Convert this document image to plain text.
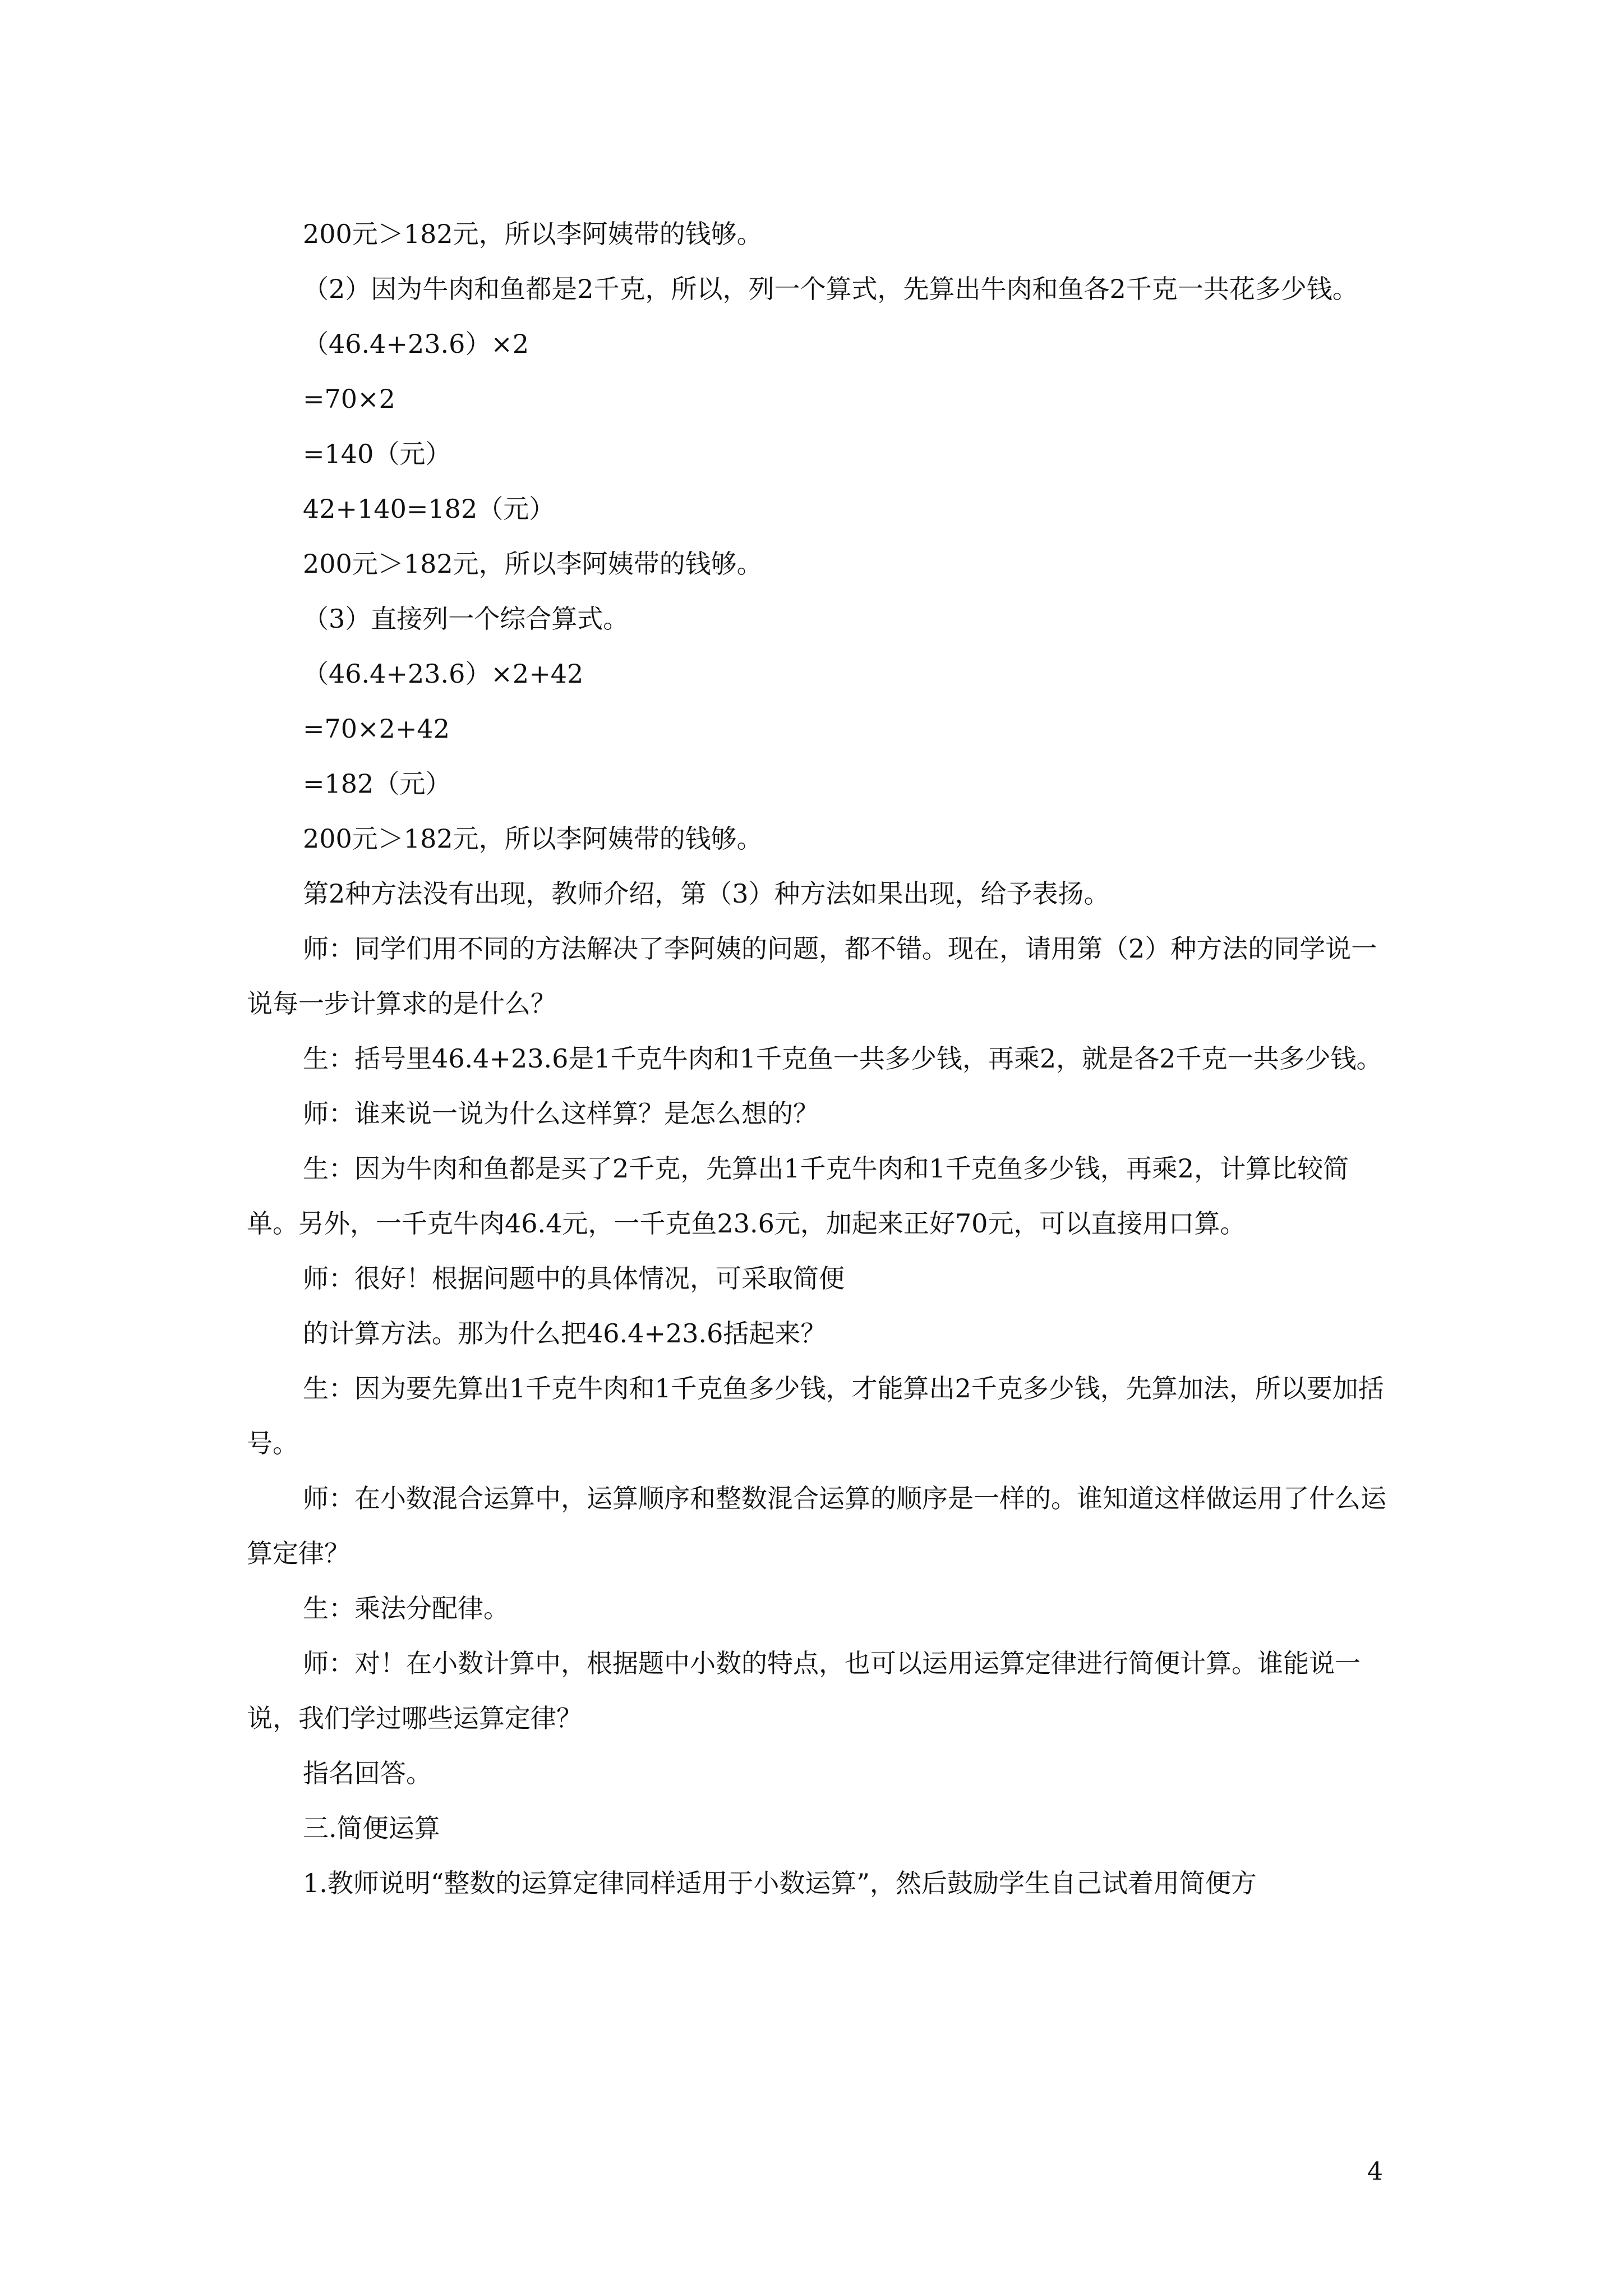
200元＞182元，所以李阿姨带的钱够。

（2）因为牛肉和鱼都是2千克，所以，列一个算式，先算出牛肉和鱼各2千克一共花多少钱。

（46.4+23.6）×2

=70×2

=140（元）

42+140=182（元）

200元＞182元，所以李阿姨带的钱够。

（3）直接列一个综合算式。

（46.4+23.6）×2+42

=70×2+42

=182（元）

200元＞182元，所以李阿姨带的钱够。

第2种方法没有出现，教师介绍，第（3）种方法如果出现，给予表扬。

师：同学们用不同的方法解决了李阿姨的问题，都不错。现在，请用第（2）种方法的同学说一说每一步计算求的是什么？

生：括号里46.4+23.6是1千克牛肉和1千克鱼一共多少钱，再乘2，就是各2千克一共多少钱。

师：谁来说一说为什么这样算？是怎么想的？

生：因为牛肉和鱼都是买了2千克，先算出1千克牛肉和1千克鱼多少钱，再乘2，计算比较简单。另外，一千克牛肉46.4元，一千克鱼23.6元，加起来正好70元，可以直接用口算。

师：很好！根据问题中的具体情况，可采取简便

的计算方法。那为什么把46.4+23.6括起来？

生：因为要先算出1千克牛肉和1千克鱼多少钱，才能算出2千克多少钱，先算加法，所以要加括号。

师：在小数混合运算中，运算顺序和整数混合运算的顺序是一样的。谁知道这样做运用了什么运算定律？

生：乘法分配律。

师：对！在小数计算中，根据题中小数的特点，也可以运用运算定律进行简便计算。谁能说一说，我们学过哪些运算定律？

指名回答。

三.简便运算

1.教师说明“整数的运算定律同样适用于小数运算”，然后鼓励学生自己试着用简便方

4
